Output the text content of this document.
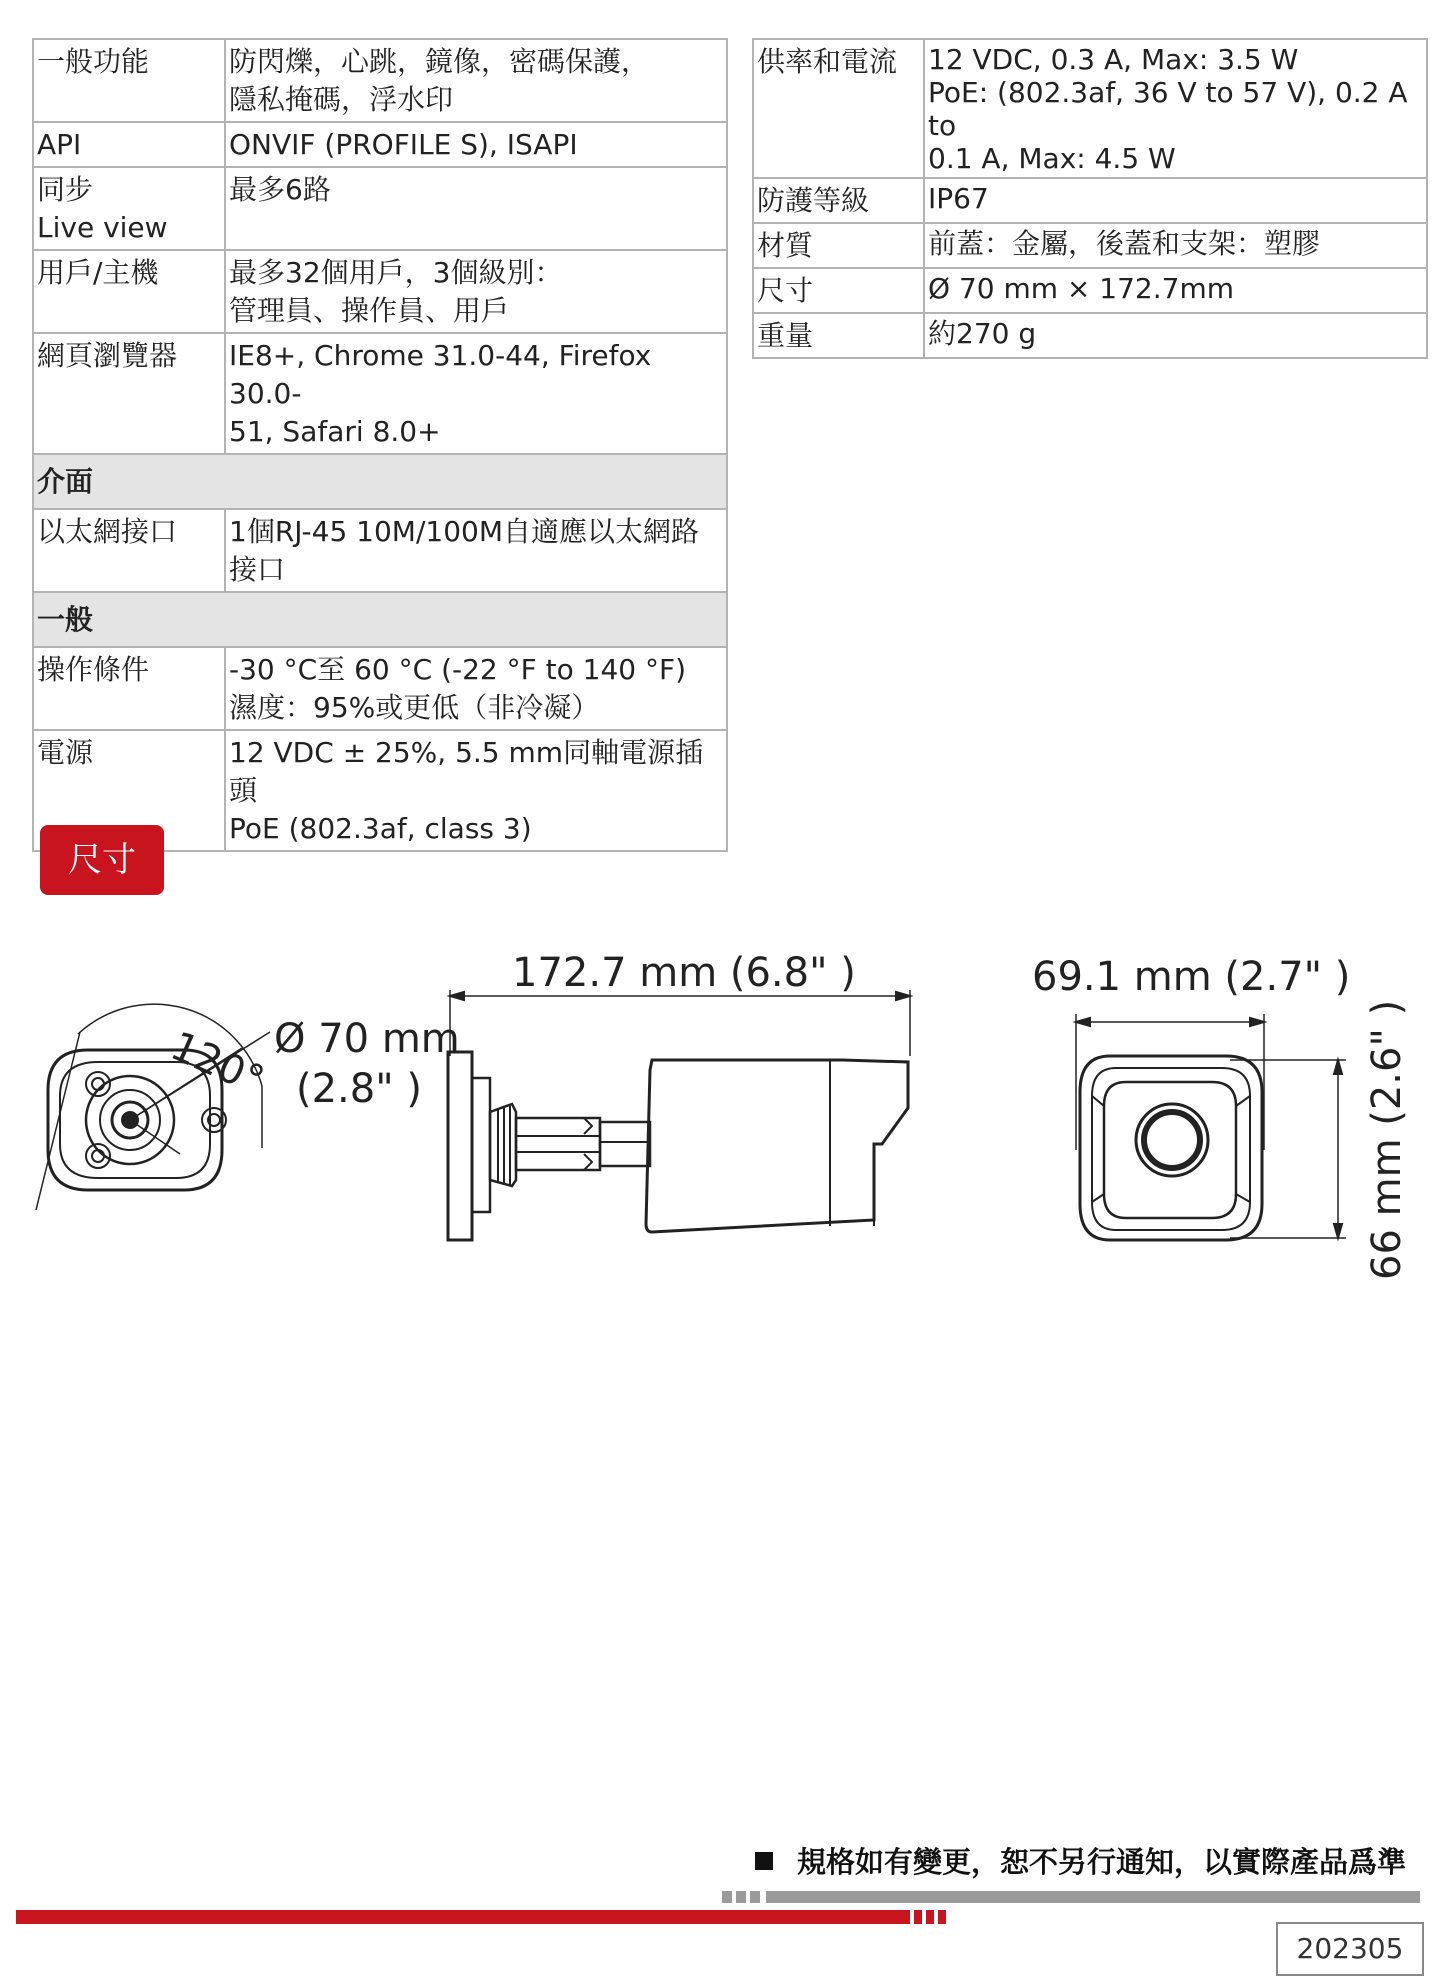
一般功能	防閃爍，心跳，鏡像，密碼保護，
隱私掩碼，浮水印
API	ONVIF (PROFILE S), ISAPI
同步
Live view	最多6路
用戶/主機	最多32個用戶，3個級別：
管理員、操作員、用戶
網頁瀏覽器	IE8+, Chrome 31.0-44, Firefox 30.0-
51, Safari 8.0+
介面	
以太網接口	1個RJ-45 10M/100M自適應以太網路
接口
一般	
操作條件	-30 °C至 60 °C (-22 °F to 140 °F)
濕度：95%或更低（非冷凝）
電源	12 VDC ± 25%, 5.5 mm同軸電源插頭
PoE (802.3af, class 3)
供率和電流	12 VDC, 0.3 A, Max: 3.5 W
PoE: (802.3af, 36 V to 57 V), 0.2 A to
0.1 A, Max: 4.5 W
防護等級	IP67
材質	前蓋：金屬，後蓋和支架：塑膠
尺寸	Ø 70 mm × 172.7mm
重量	約270 g
尺寸
120° Ø 70 mm
(2.8" )
172.7 mm (6.8" )	69.1 mm (2.7" )
66 mm (2.6" )
規格如有變更，恕不另行通知，以實際產品爲準
202305
